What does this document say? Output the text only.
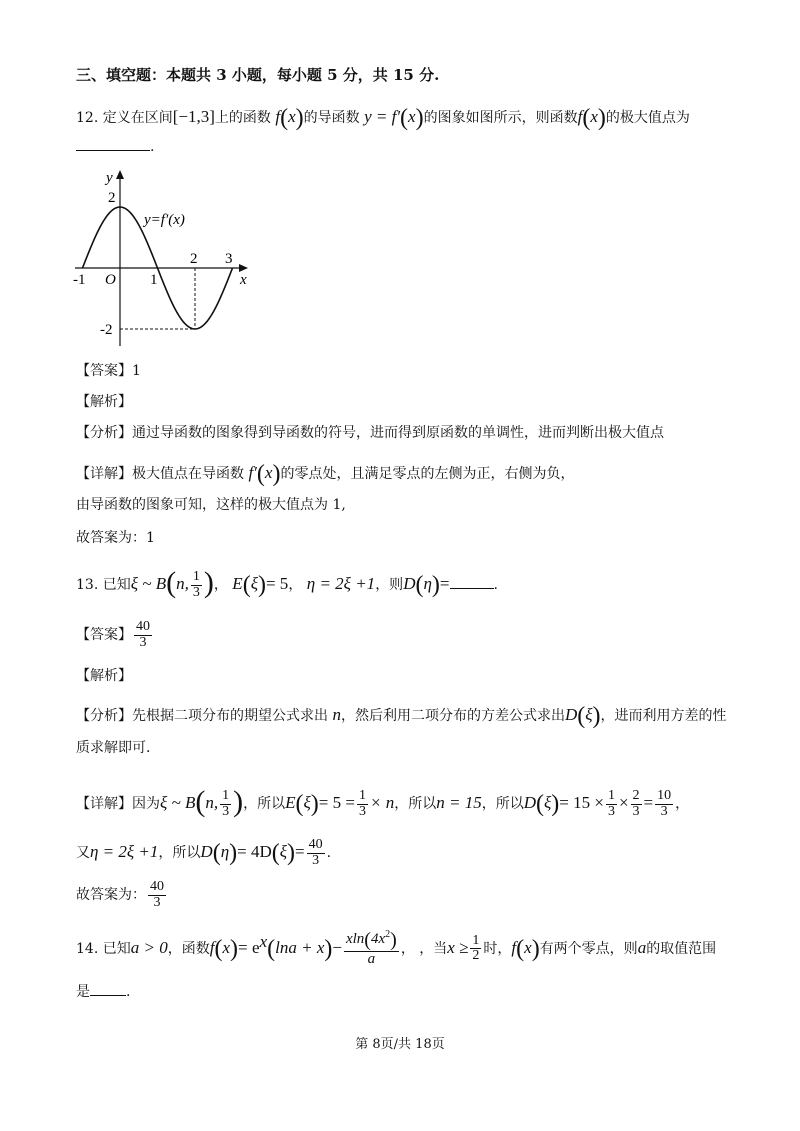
三、填空题：本题共 3 小题，每小题 5 分，共 15 分.
12. 定义在区间[−1,3]上的函数 f(x)的导函数 y = f′(x)的图象如图所示，则函数f(x)的极大值点为
.
y
x
O
y=f′(x)
-1	1
2 3
2
-2
【答案】1
【解析】
【分析】通过导函数的图象得到导函数的符号，进而得到原函数的单调性，进而判断出极大值点
【详解】极大值点在导函数 f′(x)的零点处，且满足零点的左侧为正，右侧为负，
由导函数的图象可知，这样的极大值点为 1,
故答案为：1
13. 已知ξ ~ B(n, $\frac{1}{3}$ )， E(ξ)= 5， η = 2ξ +1，则D(η)=	.
【答案】 $\frac{40}{3}$
【解析】
【分析】先根据二项分布的期望公式求出 n，然后利用二项分布的方差公式求出D(ξ)，进而利用方差的性
质求解即可.
【详解】因为ξ ~ B(n, $\frac{1}{3}$ )，所以$E(\xi)= 5 = \frac{1}{3} \times n$，所以n = 15，所以$D(\xi)= 15 \times \frac{1}{3} \times \frac{2}{3} = \frac{10}{3}$ ，
又η = 2ξ +1，所以$D(\eta)= 4D(\xi)= \frac{40}{3}$ .
故答案为： $\frac{40}{3}$
14. 已知a > 0，函数$f(x)= e^x(\ln a + x)- \frac{xln(4x^2)}{a}$ ， ，当$x \ge \frac{1}{2}$ 时，f(x)有两个零点，则a的取值范围
是	.
第 8页/共 18页
